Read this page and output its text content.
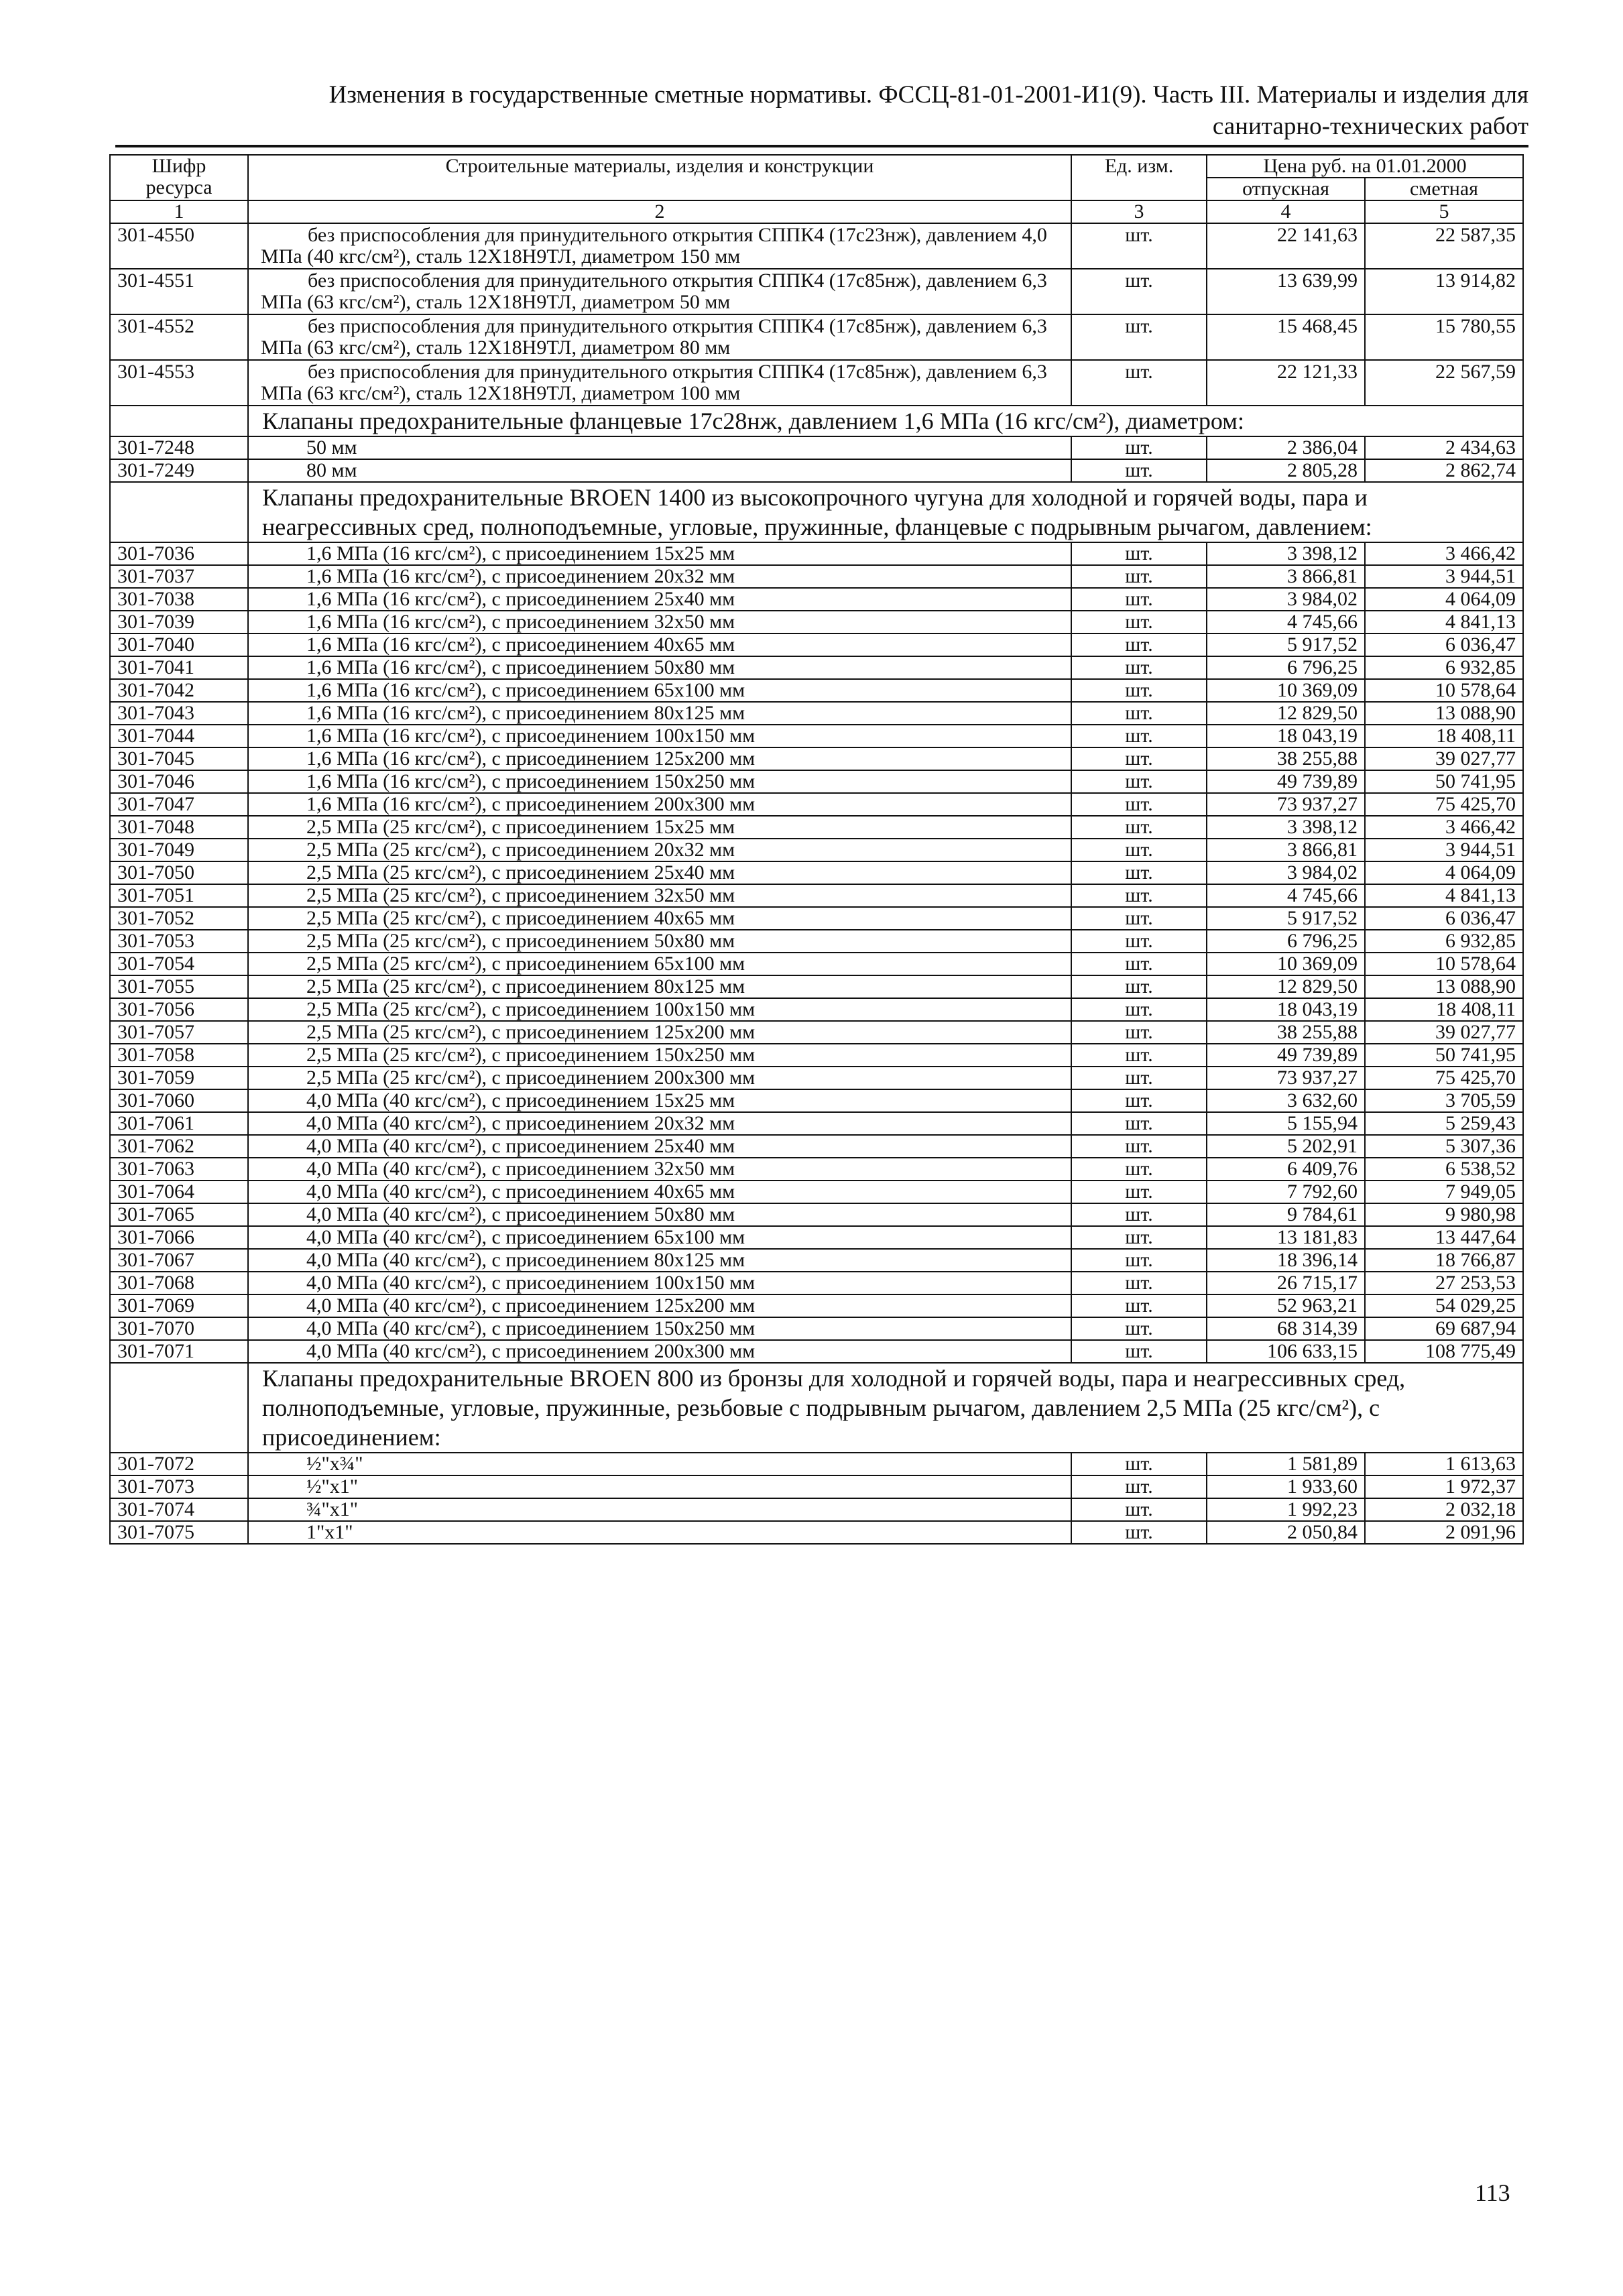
Изменения в государственные сметные нормативы. ФССЦ-81-01-2001-И1(9). Часть III. Материалы и изделия для
санитарно-технических работ
Шифр ресурса	Строительные материалы, изделия и конструкции	Ед. изм.	Цена руб. на 01.01.2000	
			отпускная	сметная
1	2	3	4	5
301-4550	без приспособления для принудительного открытия СППК4 (17с23нж), давлением 4,0 МПа (40 кгс/см²), сталь 12Х18Н9ТЛ, диаметром 150 мм	шт.	22 141,63	22 587,35
301-4551	без приспособления для принудительного открытия СППК4 (17с85нж), давлением 6,3 МПа (63 кгс/см²), сталь 12Х18Н9ТЛ, диаметром 50 мм	шт.	13 639,99	13 914,82
301-4552	без приспособления для принудительного открытия СППК4 (17с85нж), давлением 6,3 МПа (63 кгс/см²), сталь 12Х18Н9ТЛ, диаметром 80 мм	шт.	15 468,45	15 780,55
301-4553	без приспособления для принудительного открытия СППК4 (17с85нж), давлением 6,3 МПа (63 кгс/см²), сталь 12Х18Н9ТЛ, диаметром 100 мм	шт.	22 121,33	22 567,59
	Клапаны предохранительные фланцевые 17с28нж, давлением 1,6 МПа (16 кгс/см²), диаметром:			
301-7248	50 мм	шт.	2 386,04	2 434,63
301-7249	80 мм	шт.	2 805,28	2 862,74
	Клапаны предохранительные BROEN 1400 из высокопрочного чугуна для холодной и горячей воды, пара и неагрессивных сред, полноподъемные, угловые, пружинные, фланцевые с подрывным рычагом, давлением:			
301-7036	1,6 МПа (16 кгс/см²), с присоединением 15х25 мм	шт.	3 398,12	3 466,42
301-7037	1,6 МПа (16 кгс/см²), с присоединением 20х32 мм	шт.	3 866,81	3 944,51
301-7038	1,6 МПа (16 кгс/см²), с присоединением 25х40 мм	шт.	3 984,02	4 064,09
301-7039	1,6 МПа (16 кгс/см²), с присоединением 32х50 мм	шт.	4 745,66	4 841,13
301-7040	1,6 МПа (16 кгс/см²), с присоединением 40х65 мм	шт.	5 917,52	6 036,47
301-7041	1,6 МПа (16 кгс/см²), с присоединением 50х80 мм	шт.	6 796,25	6 932,85
301-7042	1,6 МПа (16 кгс/см²), с присоединением 65х100 мм	шт.	10 369,09	10 578,64
301-7043	1,6 МПа (16 кгс/см²), с присоединением 80х125 мм	шт.	12 829,50	13 088,90
301-7044	1,6 МПа (16 кгс/см²), с присоединением 100х150 мм	шт.	18 043,19	18 408,11
301-7045	1,6 МПа (16 кгс/см²), с присоединением 125х200 мм	шт.	38 255,88	39 027,77
301-7046	1,6 МПа (16 кгс/см²), с присоединением 150х250 мм	шт.	49 739,89	50 741,95
301-7047	1,6 МПа (16 кгс/см²), с присоединением 200х300 мм	шт.	73 937,27	75 425,70
301-7048	2,5 МПа (25 кгс/см²), с присоединением 15х25 мм	шт.	3 398,12	3 466,42
301-7049	2,5 МПа (25 кгс/см²), с присоединением 20х32 мм	шт.	3 866,81	3 944,51
301-7050	2,5 МПа (25 кгс/см²), с присоединением 25х40 мм	шт.	3 984,02	4 064,09
301-7051	2,5 МПа (25 кгс/см²), с присоединением 32х50 мм	шт.	4 745,66	4 841,13
301-7052	2,5 МПа (25 кгс/см²), с присоединением 40х65 мм	шт.	5 917,52	6 036,47
301-7053	2,5 МПа (25 кгс/см²), с присоединением 50х80 мм	шт.	6 796,25	6 932,85
301-7054	2,5 МПа (25 кгс/см²), с присоединением 65х100 мм	шт.	10 369,09	10 578,64
301-7055	2,5 МПа (25 кгс/см²), с присоединением 80х125 мм	шт.	12 829,50	13 088,90
301-7056	2,5 МПа (25 кгс/см²), с присоединением 100х150 мм	шт.	18 043,19	18 408,11
301-7057	2,5 МПа (25 кгс/см²), с присоединением 125х200 мм	шт.	38 255,88	39 027,77
301-7058	2,5 МПа (25 кгс/см²), с присоединением 150х250 мм	шт.	49 739,89	50 741,95
301-7059	2,5 МПа (25 кгс/см²), с присоединением 200х300 мм	шт.	73 937,27	75 425,70
301-7060	4,0 МПа (40 кгс/см²), с присоединением 15х25 мм	шт.	3 632,60	3 705,59
301-7061	4,0 МПа (40 кгс/см²), с присоединением 20х32 мм	шт.	5 155,94	5 259,43
301-7062	4,0 МПа (40 кгс/см²), с присоединением 25х40 мм	шт.	5 202,91	5 307,36
301-7063	4,0 МПа (40 кгс/см²), с присоединением 32х50 мм	шт.	6 409,76	6 538,52
301-7064	4,0 МПа (40 кгс/см²), с присоединением 40х65 мм	шт.	7 792,60	7 949,05
301-7065	4,0 МПа (40 кгс/см²), с присоединением 50х80 мм	шт.	9 784,61	9 980,98
301-7066	4,0 МПа (40 кгс/см²), с присоединением 65х100 мм	шт.	13 181,83	13 447,64
301-7067	4,0 МПа (40 кгс/см²), с присоединением 80х125 мм	шт.	18 396,14	18 766,87
301-7068	4,0 МПа (40 кгс/см²), с присоединением 100х150 мм	шт.	26 715,17	27 253,53
301-7069	4,0 МПа (40 кгс/см²), с присоединением 125х200 мм	шт.	52 963,21	54 029,25
301-7070	4,0 МПа (40 кгс/см²), с присоединением 150х250 мм	шт.	68 314,39	69 687,94
301-7071	4,0 МПа (40 кгс/см²), с присоединением 200х300 мм	шт.	106 633,15	108 775,49
	Клапаны предохранительные BROEN 800 из бронзы для холодной и горячей воды, пара и неагрессивных сред, полноподъемные, угловые, пружинные, резьбовые с подрывным рычагом, давлением 2,5 МПа (25 кгс/см²), с присоединением:			
301-7072	½"х¾"	шт.	1 581,89	1 613,63
301-7073	½"х1"	шт.	1 933,60	1 972,37
301-7074	¾"х1"	шт.	1 992,23	2 032,18
301-7075	1"х1"	шт.	2 050,84	2 091,96
113
